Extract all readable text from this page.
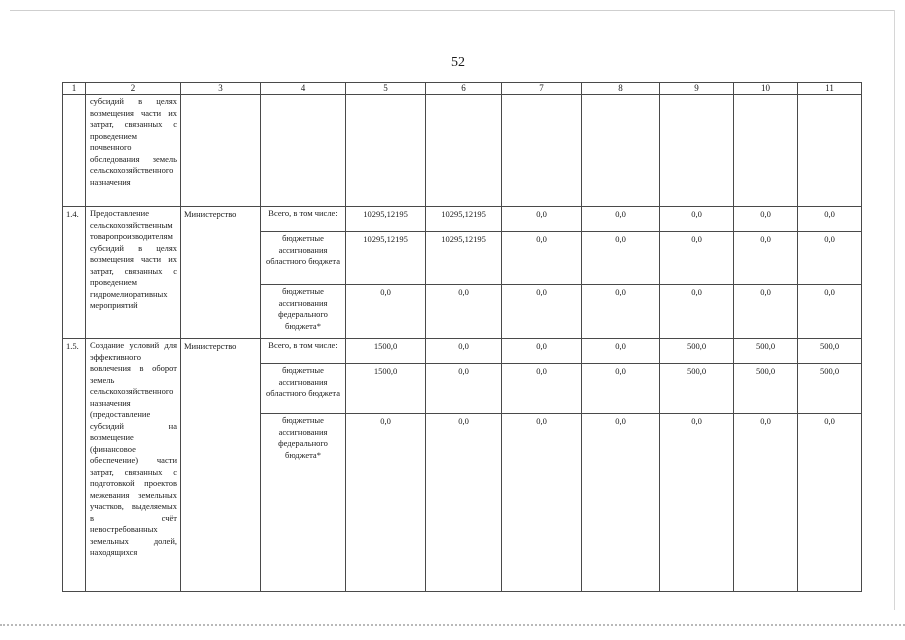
52
1	2	3	4	5	6	7	8	9	10	11
	субсидий в целях возмещения части их затрат, связанных с проведением почвенного обследования земель сельскохозяйственного назначения									
1.4.	Предоставление сельскохозяйственным товаропроизводителям субсидий в целях возмещения части их затрат, связанных с проведением гидромелиоративных мероприятий	Министерство	Всего, в том числе:	10295,12195	10295,12195	0,0	0,0	0,0	0,0	0,0
			бюджетные ассигнования областного бюджета	10295,12195	10295,12195	0,0	0,0	0,0	0,0	0,0
			бюджетные ассигнования федерального бюджета*	0,0	0,0	0,0	0,0	0,0	0,0	0,0
1.5.	Создание условий для эффективного вовлечения в оборот земель сельскохозяйственного назначения (предоставление субсидий на возмещение (финансовое обеспечение) части затрат, связанных с подготовкой проектов межевания земельных участков, выделяемых в счёт невостребованных земельных долей, находящихся	Министерство	Всего, в том числе:	1500,0	0,0	0,0	0,0	500,0	500,0	500,0
			бюджетные ассигнования областного бюджета	1500,0	0,0	0,0	0,0	500,0	500,0	500,0
			бюджетные ассигнования федерального бюджета*	0,0	0,0	0,0	0,0	0,0	0,0	0,0
